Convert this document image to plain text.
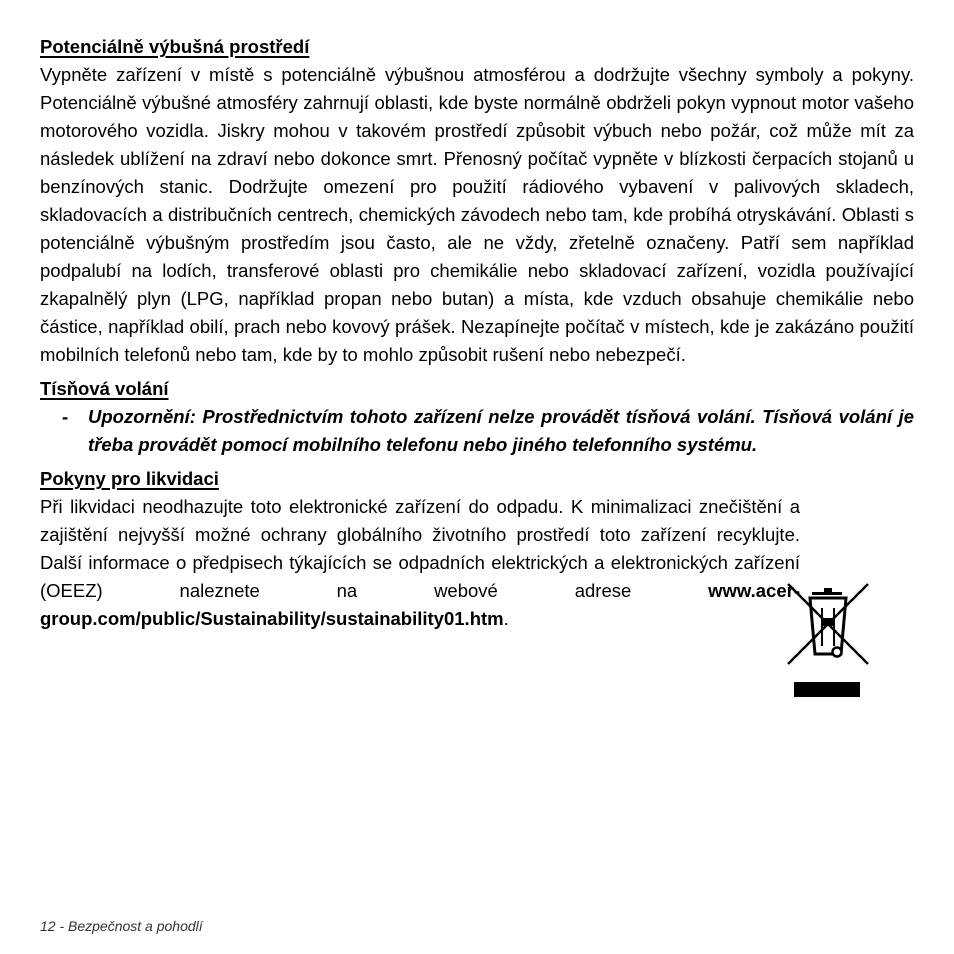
Potenciálně výbušná prostředí

Vypněte zařízení v místě s potenciálně výbušnou atmosférou a dodržujte všechny symboly a pokyny. Potenciálně výbušné atmosféry zahrnují oblasti, kde byste normálně obdrželi pokyn vypnout motor vašeho motorového vozidla. Jiskry mohou v takovém prostředí způsobit výbuch nebo požár, což může mít za následek ublížení na zdraví nebo dokonce smrt. Přenosný počítač vypněte v blízkosti čerpacích stojanů u benzínových stanic. Dodržujte omezení pro použití rádiového vybavení v palivových skladech, skladovacích a distribučních centrech, chemických závodech nebo tam, kde probíhá otryskávání. Oblasti s potenciálně výbušným prostředím jsou často, ale ne vždy, zřetelně označeny. Patří sem například podpalubí na lodích, transferové oblasti pro chemikálie nebo skladovací zařízení, vozidla používající zkapalnělý plyn (LPG, například propan nebo butan) a místa, kde vzduch obsahuje chemikálie nebo částice, například obilí, prach nebo kovový prášek. Nezapínejte počítač v místech, kde je zakázáno použití mobilních telefonů nebo tam, kde by to mohlo způsobit rušení nebo nebezpečí.

Tísňová volání
-	Upozornění: Prostřednictvím tohoto zařízení nelze provádět tísňová volání. Tísňová volání je třeba provádět pomocí mobilního telefonu nebo jiného telefonního systému.
Pokyny pro likvidaci

Při likvidaci neodhazujte toto elektronické zařízení do odpadu. K minimalizaci znečištění a zajištění nejvyšší možné ochrany globálního životního prostředí toto zařízení recyklujte. Další informace o předpisech týkajících se odpadních elektrických a elektronických zařízení (OEEZ) naleznete na webové adrese	www.acer-group.com/public/Sustainability/sustainability01.htm.

12 - Bezpečnost a pohodlí
